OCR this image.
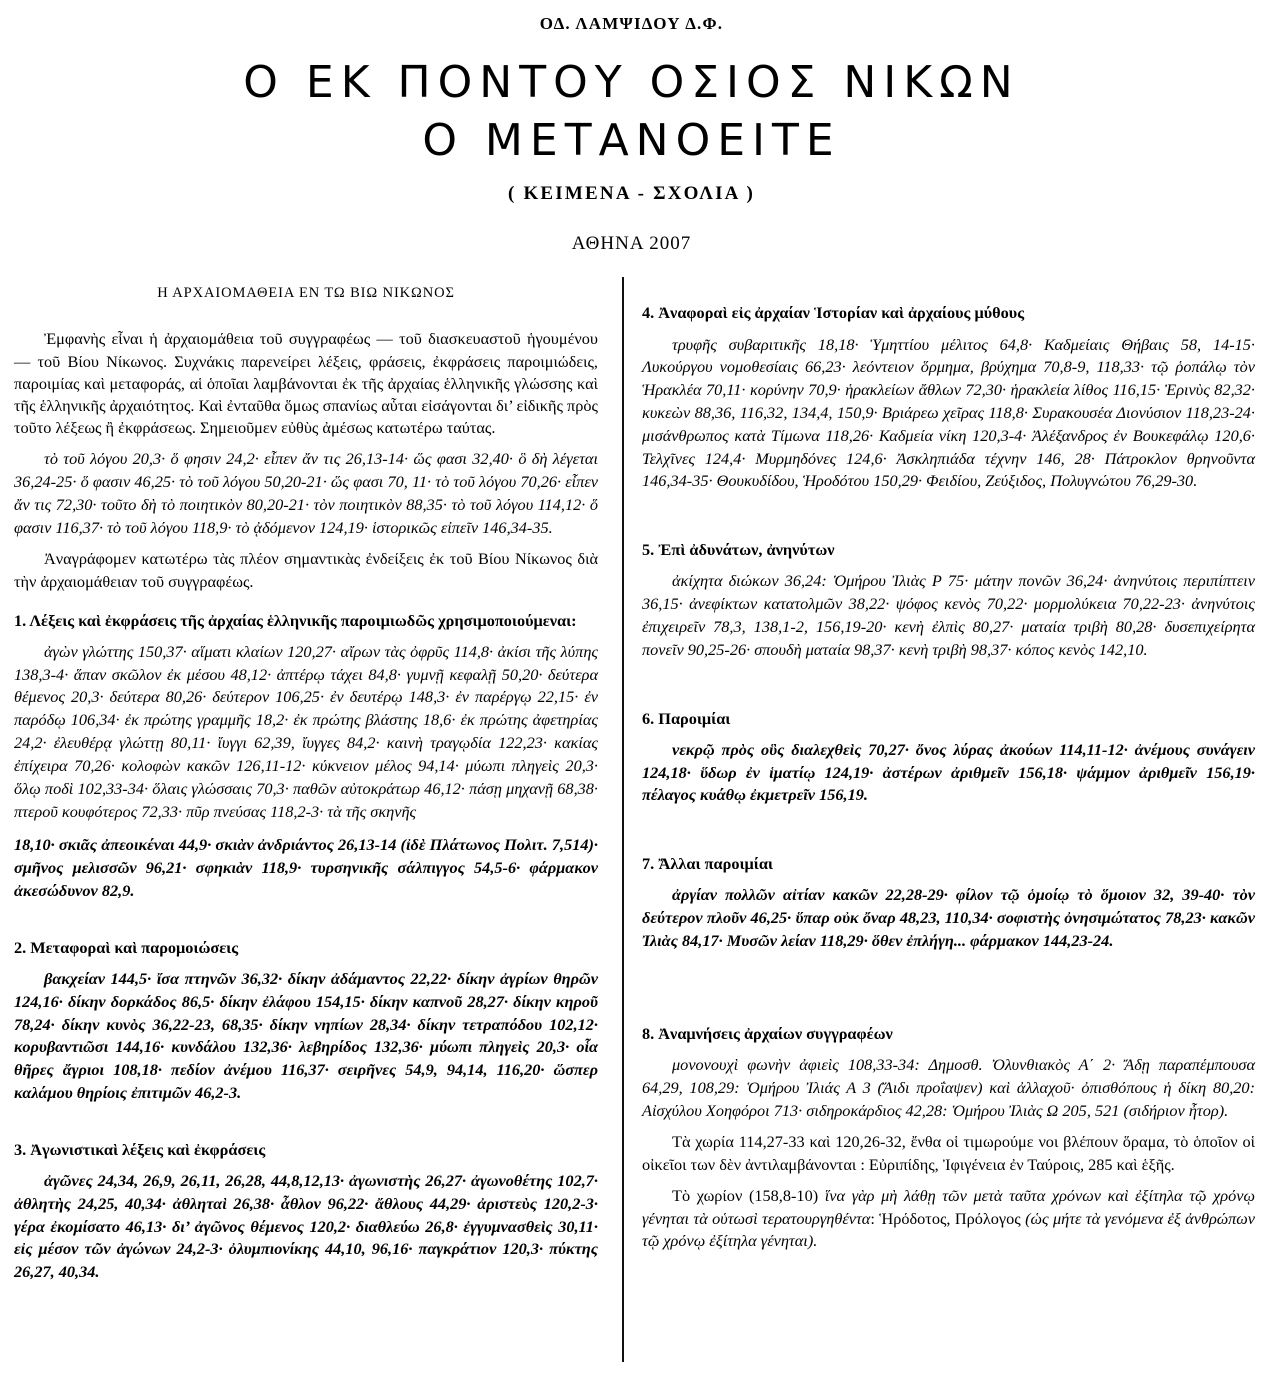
ΟΔ. ΛΑΜΨΙΔΟΥ Δ.Φ.
Ο ΕΚ ΠΟΝΤΟΥ ΟΣΙΟΣ ΝΙΚΩΝ
Ο ΜΕΤΑΝΟΕΙΤΕ
( ΚΕΙΜΕΝΑ - ΣΧΟΛΙΑ )
ΑΘΗΝΑ 2007
Η ΑΡΧΑΙΟΜΑΘΕΙΑ ΕΝ ΤΩ ΒΙΩ ΝΙΚΩΝΟΣ

Ἐμφανὴς εἶναι ἡ ἀρχαιομάθεια τοῦ συγγραφέως — τοῦ διασκευαστοῦ ἡγουμένου — τοῦ Βίου Νίκωνος. Συχνάκις παρενείρει λέξεις, φράσεις, ἐκφράσεις παροιμιώδεις, παροιμίας καὶ μεταφοράς, αἱ ὁποῖαι λαμβάνονται ἐκ τῆς ἀρχαίας ἑλληνικῆς γλώσσης καὶ τῆς ἑλληνικῆς ἀρχαιότητος. Καὶ ἐνταῦθα ὅμως σπανίως αὗται εἰσάγονται δι’ εἰδικῆς πρὸς τοῦτο λέξεως ἢ ἐκφράσεως. Σημειοῦμεν εὐθὺς ἀμέσως κατωτέρω ταύτας.

τὸ τοῦ λόγου 20,3· ὅ φησιν 24,2· εἶπεν ἄν τις 26,13-14· ὥς φασι 32,40· ὃ δὴ λέγεται 36,24-25· ὅ φασιν 46,25· τὸ τοῦ λόγου 50,20-21· ὥς φασι 70, 11· τὸ τοῦ λόγου 70,26· εἶπεν ἄν τις 72,30· τοῦτο δὴ τὸ ποιητικὸν 80,20-21· τὸν ποιητικὸν 88,35· τὸ τοῦ λόγου 114,12· ὅ φασιν 116,37· τὸ τοῦ λόγου 118,9· τὸ ᾀδόμενον 124,19· ἱστορικῶς εἰπεῖν 146,34-35.

Ἀναγράφομεν κατωτέρω τὰς πλέον σημαντικὰς ἐνδείξεις ἐκ τοῦ Βίου Νίκωνος διὰ τὴν ἀρχαιομάθειαν τοῦ συγγραφέως.

1. Λέξεις καὶ ἐκφράσεις τῆς ἀρχαίας ἑλληνικῆς παροιμιωδῶς χρησιμοποιούμεναι:

ἀγὼν γλώττης 150,37· αἵματι κλαίων 120,27· αἴρων τὰς ὀφρῦς 114,8· ἀκίσι τῆς λύπης 138,3-4· ἅπαν σκῶλον ἐκ μέσου 48,12· ἀπτέρῳ τάχει 84,8· γυμνῇ κεφαλῇ 50,20· δεύτερα θέμενος 20,3· δεύτερα 80,26· δεύτερον 106,25· ἐν δευτέρῳ 148,3· ἐν παρέργῳ 22,15· ἐν παρόδῳ 106,34· ἐκ πρώτης γραμμῆς 18,2· ἐκ πρώτης βλάστης 18,6· ἐκ πρώτης ἀφετηρίας 24,2· ἐλευθέρᾳ γλώττῃ 80,11· ἴυγγι 62,39, ἴυγγες 84,2· καινὴ τραγῳδία 122,23· κακίας ἐπίχειρα 70,26· κολοφὼν κακῶν 126,11-12· κύκνειον μέλος 94,14· μύωπι πληγεὶς 20,3· ὅλῳ ποδὶ 102,33-34· ὅλαις γλώσσαις 70,3· παθῶν αὐτοκράτωρ 46,12· πάσῃ μηχανῇ 68,38· πτεροῦ κουφότερος 72,33· πῦρ πνεύσας 118,2-3· τὰ τῆς σκηνῆς

18,10· σκιᾶς ἀπεοικέναι 44,9· σκιὰν ἀνδριάντος 26,13-14 (ἰδὲ Πλάτωνος Πολιτ. 7,514)· σμῆνος μελισσῶν 96,21· σφηκιὰν 118,9· τυρσηνικῆς σάλπιγγος 54,5-6· φάρμακον ἀκεσώδυνον 82,9.

2. Μεταφοραὶ καὶ παρομοιώσεις

βακχείαν 144,5· ἴσα πτηνῶν 36,32· δίκην ἀδάμαντος 22,22· δίκην ἀγρίων θηρῶν 124,16· δίκην δορκάδος 86,5· δίκην ἐλάφου 154,15· δίκην καπνοῦ 28,27· δίκην κηροῦ 78,24· δίκην κυνὸς 36,22-23, 68,35· δίκην νηπίων 28,34· δίκην τετραπόδου 102,12· κορυβαντιῶσι 144,16· κυνδάλου 132,36· λεβηρίδος 132,36· μύωπι πληγεὶς 20,3· οἷα θῆρες ἄγριοι 108,18· πεδίον ἀνέμου 116,37· σειρῆνες 54,9, 94,14, 116,20· ὥσπερ καλάμου θηρίοις ἐπιτιμῶν 46,2-3.

3. Ἀγωνιστικαὶ λέξεις καὶ ἐκφράσεις

ἀγῶνες 24,34, 26,9, 26,11, 26,28, 44,8,12,13· ἀγωνιστὴς 26,27· ἀγωνοθέτης 102,7· ἀθλητὴς 24,25, 40,34· ἀθληταὶ 26,38· ἆθλον 96,22· ἄθλους 44,29· ἀριστεὺς 120,2-3· γέρα ἐκομίσατο 46,13· δι’ ἀγῶνος θέμενος 120,2· διαθλεύω 26,8· ἐγγυμνασθεὶς 30,11· εἰς μέσον τῶν ἀγώνων 24,2-3· ὀλυμπιονίκης 44,10, 96,16· παγκράτιον 120,3· πύκτης 26,27, 40,34.

4. Ἀναφοραὶ εἰς ἀρχαίαν Ἱστορίαν καὶ ἀρχαίους μύθους

τρυφῆς συβαριτικῆς 18,18· Ὑμηττίου μέλιτος 64,8· Καδμείαις Θήβαις 58, 14-15· Λυκούργου νομοθεσίαις 66,23· λεόντειον ὅρμημα, βρύχημα 70,8-9, 118,33· τῷ ῥοπάλῳ τὸν Ἡρακλέα 70,11· κορύνην 70,9· ἡρακλείων ἄθλων 72,30· ἡρακλεία λίθος 116,15· Ἐρινὺς 82,32· κυκεὼν 88,36, 116,32, 134,4, 150,9· Βριάρεω χεῖρας 118,8· Συρακουσέα Διονύσιον 118,23-24· μισάνθρωπος κατὰ Τίμωνα 118,26· Καδμεία νίκη 120,3-4· Ἀλέξανδρος ἐν Βουκεφάλῳ 120,6· Τελχῖνες 124,4· Μυρμηδόνες 124,6· Ἀσκληπιάδα τέχνην 146, 28· Πάτροκλον θρηνοῦντα 146,34-35· Θουκυδίδου, Ἡροδότου 150,29· Φειδίου, Ζεύξιδος, Πολυγνώτου 76,29-30.

5. Ἐπὶ ἀδυνάτων, ἀνηνύτων

ἀκίχητα διώκων 36,24: Ὁμήρου Ἰλιὰς Ρ 75· μάτην πονῶν 36,24· ἀνηνύτοις περιπίπτειν 36,15· ἀνεφίκτων κατατολμῶν 38,22· ψόφος κενὸς 70,22· μορμολύκεια 70,22-23· ἀνηνύτοις ἐπιχειρεῖν 78,3, 138,1-2, 156,19-20· κενὴ ἐλπὶς 80,27· ματαία τριβὴ 80,28· δυσεπιχείρητα πονεῖν 90,25-26· σπουδὴ ματαία 98,37· κενὴ τριβὴ 98,37· κόπος κενὸς 142,10.

6. Παροιμίαι

νεκρῷ πρὸς οὓς διαλεχθεὶς 70,27· ὄνος λύρας ἀκούων 114,11-12· ἀνέμους συνάγειν 124,18· ὕδωρ ἐν ἱματίῳ 124,19· ἀστέρων ἀριθμεῖν 156,18· ψάμμον ἀριθμεῖν 156,19· πέλαγος κυάθῳ ἐκμετρεῖν 156,19.

7. Ἄλλαι παροιμίαι

ἀργίαν πολλῶν αἰτίαν κακῶν 22,28-29· φίλον τῷ ὁμοίῳ τὸ ὅμοιον 32, 39-40· τὸν δεύτερον πλοῦν 46,25· ὕπαρ οὐκ ὄναρ 48,23, 110,34· σοφιστὴς ὀνησιμώτατος 78,23· κακῶν Ἰλιὰς 84,17· Μυσῶν λείαν 118,29· ὅθεν ἐπλήγη... φάρμακον 144,23-24.

8. Ἀναμνήσεις ἀρχαίων συγγραφέων

μονονουχὶ φωνὴν ἀφιεὶς 108,33-34: Δημοσθ. Ὀλυνθιακὸς Α΄ 2· Ἄδῃ παραπέμπουσα 64,29, 108,29: Ὁμήρου Ἰλιάς Α 3 (Ἄιδι προΐαψεν) καὶ ἀλλαχοῦ· ὀπισθόπους ἡ δίκη 80,20: Αἰσχύλου Χοηφόροι 713· σιδηροκάρδιος 42,28: Ὁμήρου Ἰλιὰς Ω 205, 521 (σιδήριον ἦτορ).

Τὰ χωρία 114,27-33 καὶ 120,26-32, ἔνθα οἱ τιμωρούμε νοι βλέπουν ὅραμα, τὸ ὁποῖον οἱ οἰκεῖοι των δὲν ἀντιλαμβάνονται : Εὐριπίδης, Ἰφιγένεια ἐν Ταύροις, 285 καὶ ἑξῆς.

Τὸ χωρίον (158,8-10) ἵνα γὰρ μὴ λάθῃ τῶν μετὰ ταῦτα χρόνων καὶ ἐξίτηλα τῷ χρόνῳ γένηται τὰ οὑτωσὶ τερατουργηθέντα: Ἡρόδοτος, Πρόλογος (ὡς μήτε τὰ γενόμενα ἐξ ἀνθρώπων τῷ χρόνῳ ἐξίτηλα γένηται).
